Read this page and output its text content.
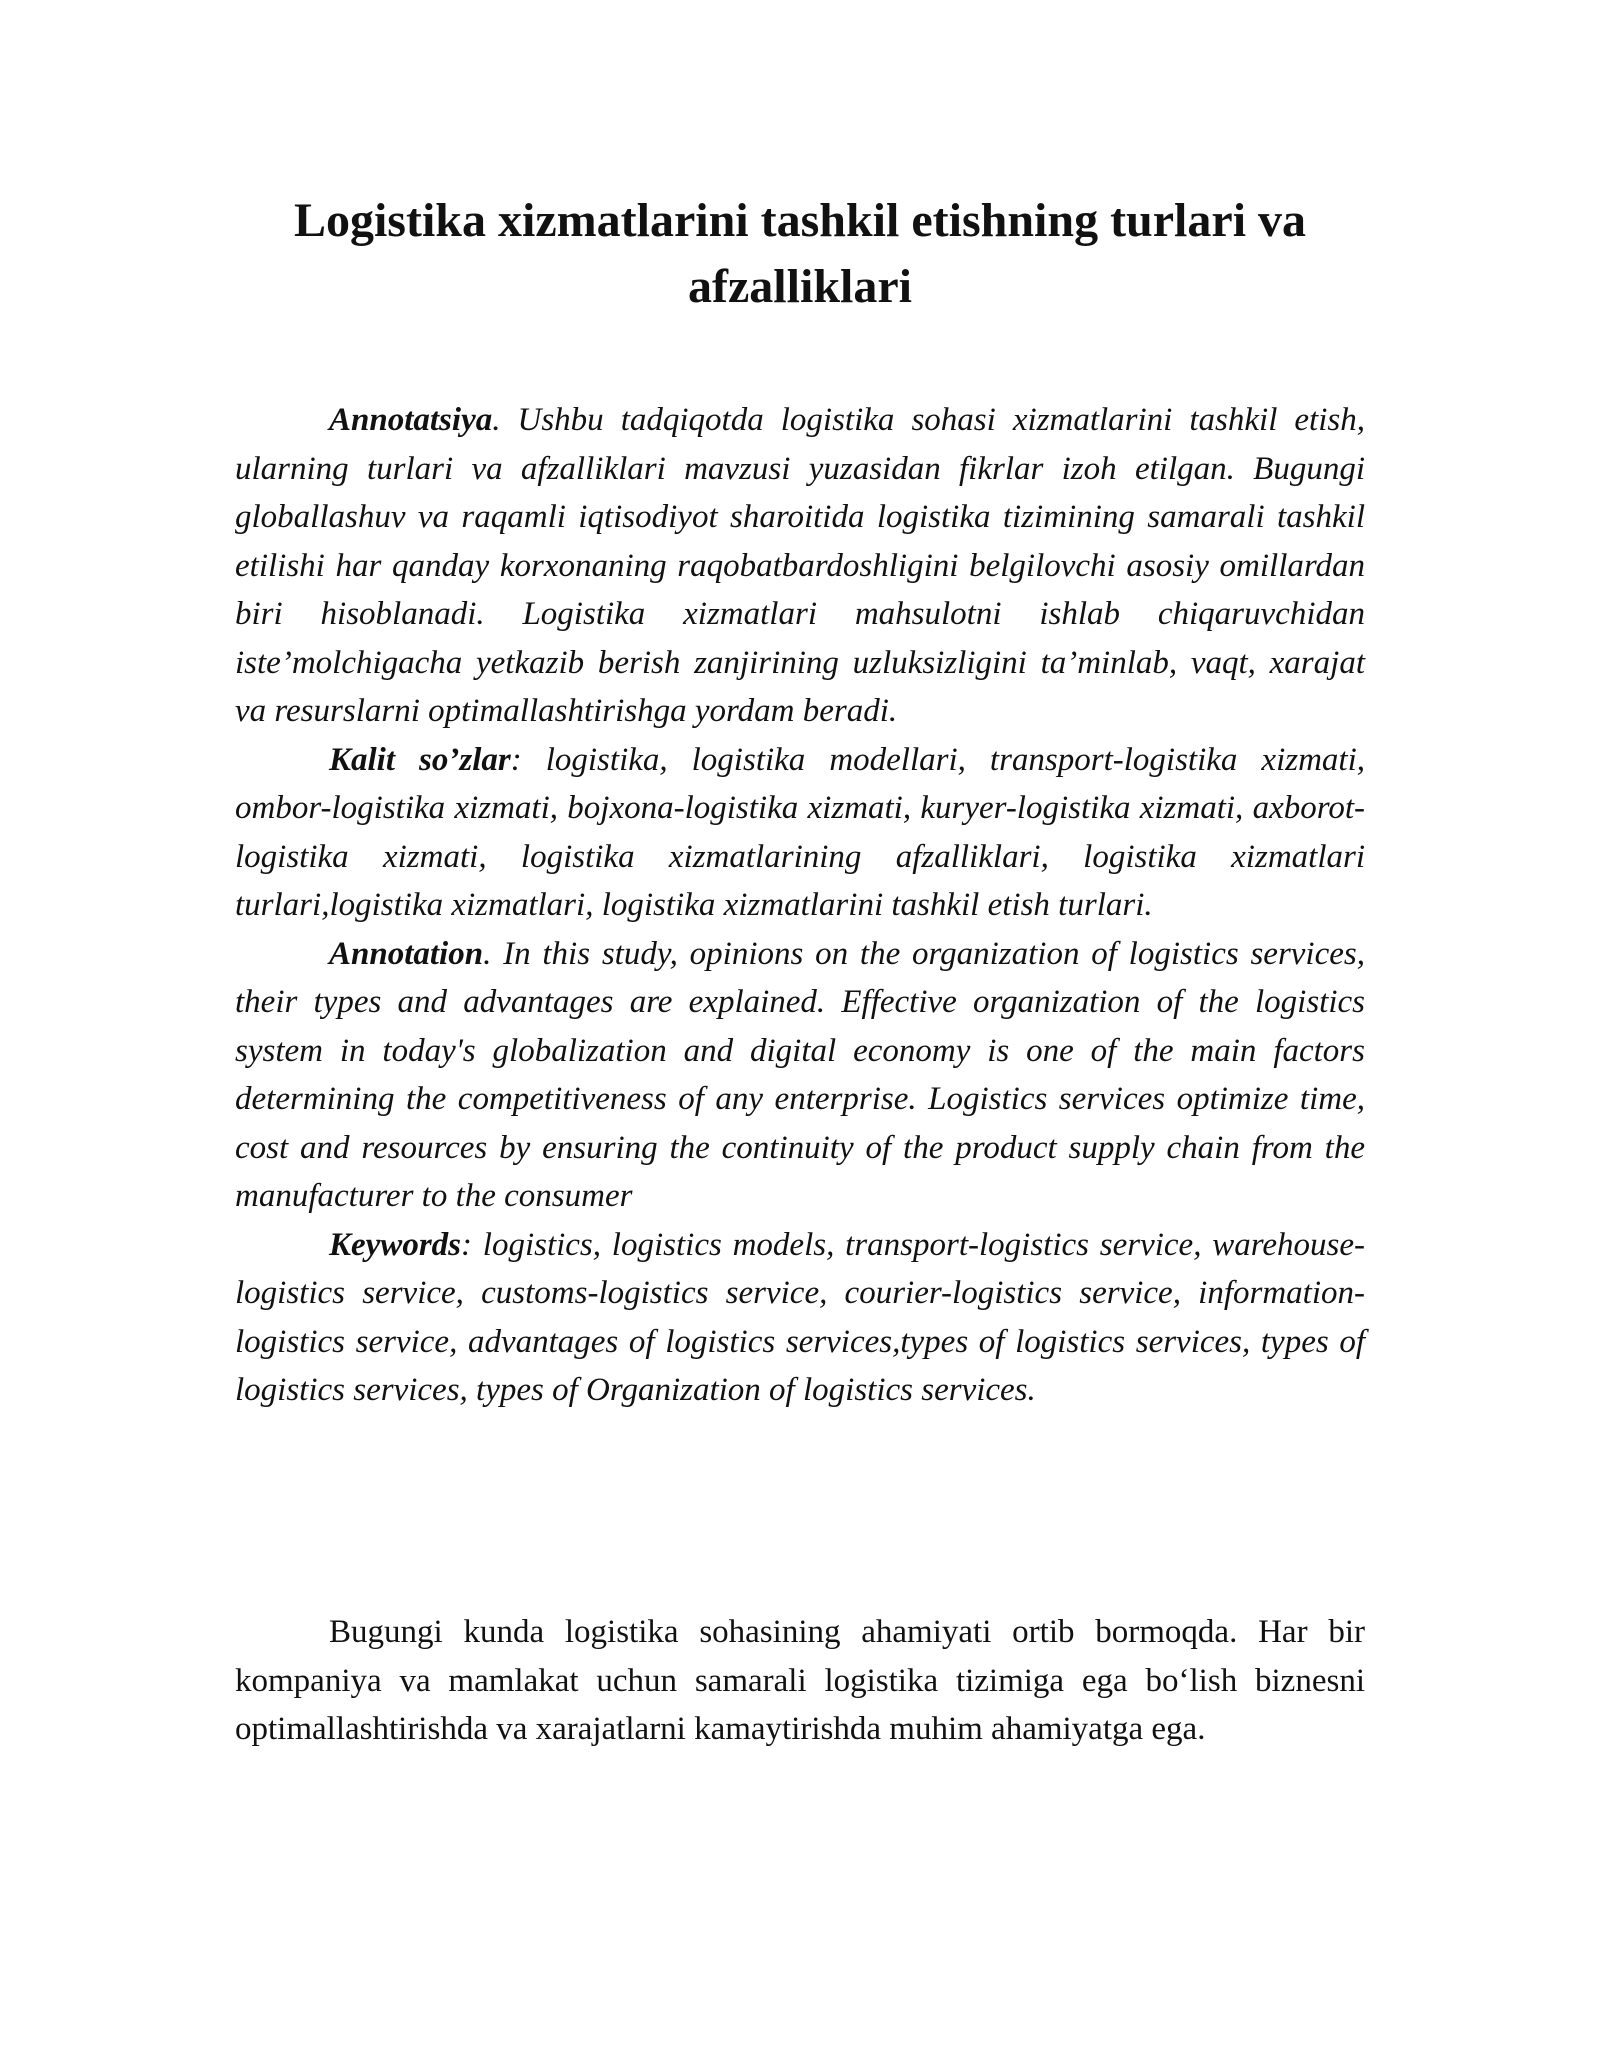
Logistika xizmatlarini tashkil etishning turlari va afzalliklari

Annotatsiya. Ushbu tadqiqotda logistika sohasi xizmatlarini tashkil etish, ularning turlari va afzalliklari mavzusi yuzasidan fikrlar izoh etilgan. Bugungi globallashuv va raqamli iqtisodiyot sharoitida logistika tizimining samarali tashkil etilishi har qanday korxonaning raqobatbardoshligini belgilovchi asosiy omillardan biri hisoblanadi. Logistika xizmatlari mahsulotni ishlab chiqaruvchidan iste’molchigacha yetkazib berish zanjirining uzluksizligini ta’minlab, vaqt, xarajat va resurslarni optimallashtirishga yordam beradi.

Kalit so’zlar: logistika, logistika modellari, transport-logistika xizmati, ombor-logistika xizmati, bojxona-logistika xizmati, kuryer-logistika xizmati, axborot-logistika xizmati, logistika xizmatlarining afzalliklari, logistika xizmatlari turlari,logistika xizmatlari, logistika xizmatlarini tashkil etish turlari.

Annotation. In this study, opinions on the organization of logistics services, their types and advantages are explained. Effective organization of the logistics system in today's globalization and digital economy is one of the main factors determining the competitiveness of any enterprise. Logistics services optimize time, cost and resources by ensuring the continuity of the product supply chain from the manufacturer to the consumer

Keywords: logistics, logistics models, transport-logistics service, warehouse-logistics service, customs-logistics service, courier-logistics service, information-logistics service, advantages of logistics services,types of logistics services, types of logistics services, types of Organization of logistics services.

Bugungi kunda logistika sohasining ahamiyati ortib bormoqda. Har bir kompaniya va mamlakat uchun samarali logistika tizimiga ega bo‘lish biznesni optimallashtirishda va xarajatlarni kamaytirishda muhim ahamiyatga ega.
